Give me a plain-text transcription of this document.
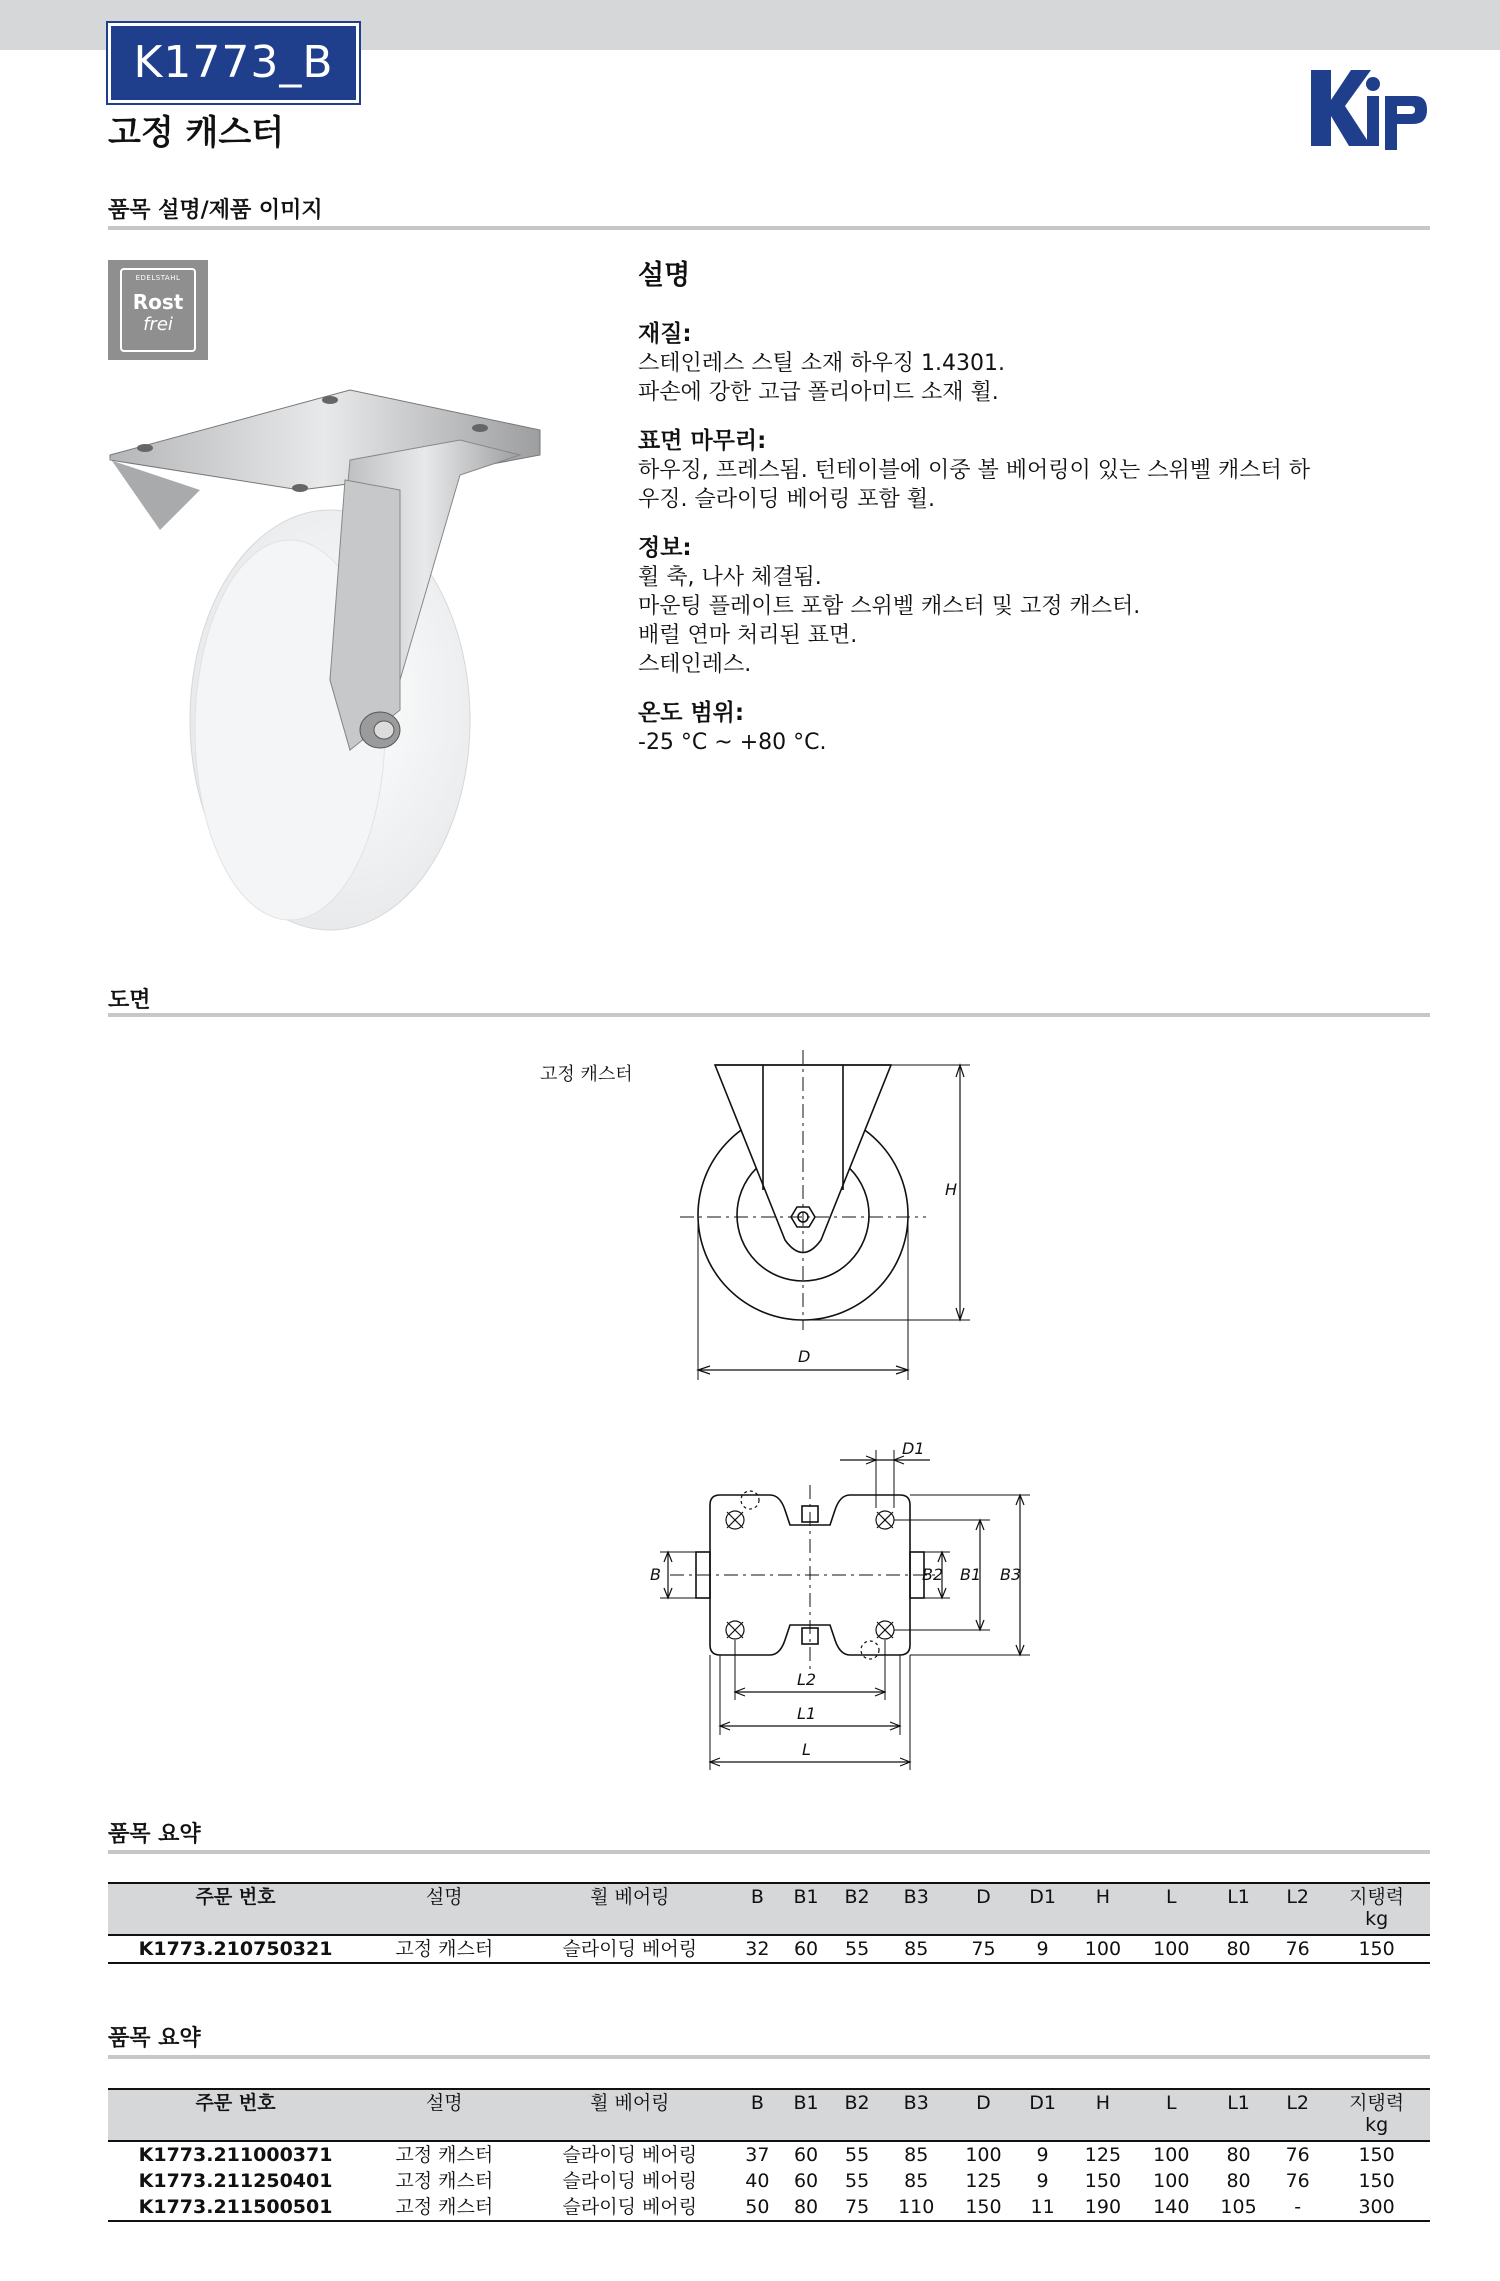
K1773_B
고정 캐스터
Kipp
품목 설명/제품 이미지
EDELSTAHL
Rost
frei
설명
재질:
스테인레스 스틸 소재 하우징 1.4301.
파손에 강한 고급 폴리아미드 소재 휠.
표면 마무리:
하우징, 프레스됨. 턴테이블에 이중 볼 베어링이 있는 스위벨 캐스터 하
우징. 슬라이딩 베어링 포함 휠.
정보:
휠 축, 나사 체결됨.
마운팅 플레이트 포함 스위벨 캐스터 및 고정 캐스터.
배럴 연마 처리된 표면.
스테인레스.
온도 범위:
-25 °C ~ +80 °C.
도면
고정 캐스터
H
D
D1
B	B2 B1 B3
L2
L1
L
품목 요약
주문 번호	설명	휠 베어링	B	B1	B2	B3	D	D1	H	L	L1	L2	지탱력
kg
K1773.210750321	고정 캐스터	슬라이딩 베어링	32	60	55	85	75	9	100	100	80	76	150
품목 요약
주문 번호	설명	휠 베어링	B	B1	B2	B3	D	D1	H	L	L1	L2	지탱력
kg
K1773.211000371	고정 캐스터	슬라이딩 베어링	37	60	55	85	100	9	125	100	80	76	150
K1773.211250401	고정 캐스터	슬라이딩 베어링	40	60	55	85	125	9	150	100	80	76	150
K1773.211500501	고정 캐스터	슬라이딩 베어링	50	80	75	110	150	11	190	140	105	-	300
